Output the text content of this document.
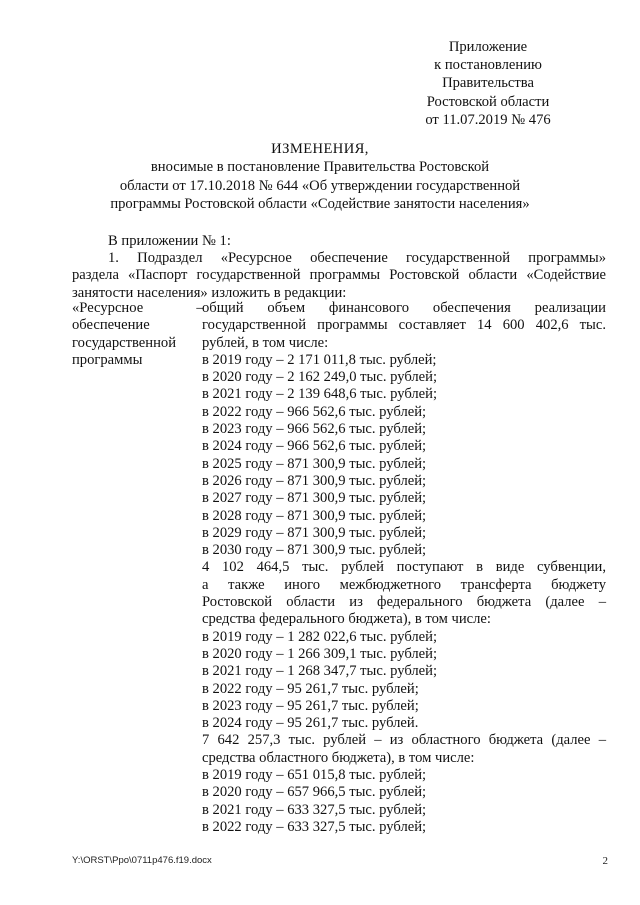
Приложение
к постановлению
Правительства
Ростовской области
от 11.07.2019 № 476
ИЗМЕНЕНИЯ,
вносимые в постановление Правительства Ростовской
области от 17.10.2018 № 644 «Об утверждении государственной
программы Ростовской области «Содействие занятости населения»
В приложении № 1:
1. Подраздел «Ресурсное обеспечение государственной программы»
раздела «Паспорт государственной программы Ростовской области «Содействие
занятости населения» изложить в редакции:
«Ресурсное
обеспечение
государственной
программы
–
общий объем финансового обеспечения реализации
государственной программы составляет 14 600 402,6 тыс.
рублей, в том числе:
в 2019 году – 2 171 011,8 тыс. рублей;
в 2020 году – 2 162 249,0 тыс. рублей;
в 2021 году – 2 139 648,6 тыс. рублей;
в 2022 году – 966 562,6 тыс. рублей;
в 2023 году – 966 562,6 тыс. рублей;
в 2024 году – 966 562,6 тыс. рублей;
в 2025 году – 871 300,9 тыс. рублей;
в 2026 году – 871 300,9 тыс. рублей;
в 2027 году – 871 300,9 тыс. рублей;
в 2028 году – 871 300,9 тыс. рублей;
в 2029 году – 871 300,9 тыс. рублей;
в 2030 году – 871 300,9 тыс. рублей;
4 102 464,5 тыс. рублей поступают в виде субвенции,
а также иного межбюджетного трансферта бюджету
Ростовской области из федерального бюджета (далее –
средства федерального бюджета), в том числе:
в 2019 году – 1 282 022,6 тыс. рублей;
в 2020 году – 1 266 309,1 тыс. рублей;
в 2021 году – 1 268 347,7 тыс. рублей;
в 2022 году – 95 261,7 тыс. рублей;
в 2023 году – 95 261,7 тыс. рублей;
в 2024 году – 95 261,7 тыс. рублей.
7 642 257,3 тыс. рублей – из областного бюджета (далее –
средства областного бюджета), в том числе:
в 2019 году – 651 015,8 тыс. рублей;
в 2020 году – 657 966,5 тыс. рублей;
в 2021 году – 633 327,5 тыс. рублей;
в 2022 году – 633 327,5 тыс. рублей;
Y:\ORST\Ppo\0711p476.f19.docx	2
